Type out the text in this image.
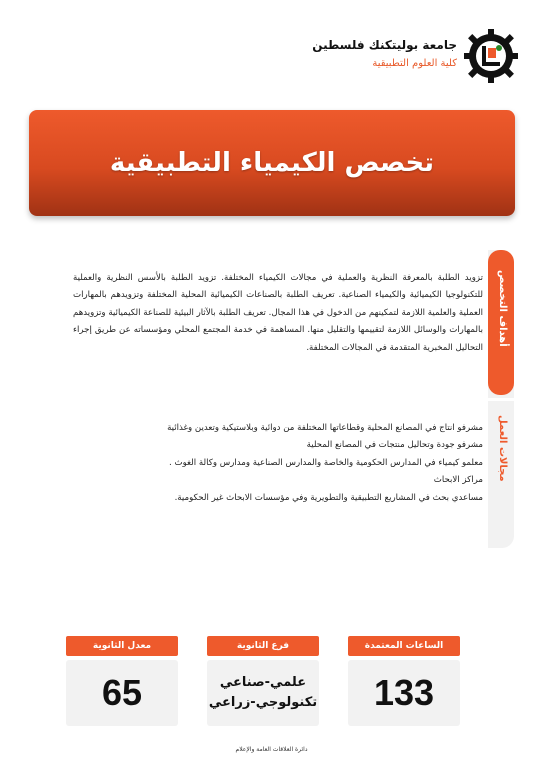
جامعة بوليتكنك فلسطين
كلية العلوم التطبيقية
تخصص الكيمياء التطبيقية
أهداف التخصص
مجالات العمل
تزويد الطلبة بالمعرفة النظرية والعملية في مجالات الكيمياء المختلفة. تزويد الطلبة بالأسس النظرية والعملية للتكنولوجيا الكيميائية والكيمياء الصناعية. تعريف الطلبة بالصناعات الكيميائية المحلية المختلفة وتزويدهم بالمهارات العملية والعلمية اللازمة لتمكينهم من الدخول في هذا المجال. تعريف الطلبة بالآثار البيئية للصناعة الكيميائية وتزويدهم بالمهارات والوسائل اللازمة لتقييمها والتقليل منها. المساهمة في خدمة المجتمع المحلي ومؤسساته عن طريق إجراء التحاليل المخبرية المتقدمة في المجالات المختلفة.
مشرفو انتاج في المصانع المحلية وقطاعاتها المختلفة من دوائية وبلاستيكية وتعدين وغذائية
مشرفو جودة وتحاليل منتجات في المصانع المحلية
معلمو كيمياء في المدارس الحكومية والخاصة والمدارس الصناعية ومدارس وكالة الغوث .
مراكز الابحاث
مساعدي بحث في المشاريع التطبيقية والتطويرية وفي مؤسسات الابحاث غير الحكومية.
الساعات المعتمدة
133
فرع الثانوية
علمي-صناعي
تكنولوجي-زراعي
معدل الثانوية
65
دائرة العلاقات العامة والإعلام
